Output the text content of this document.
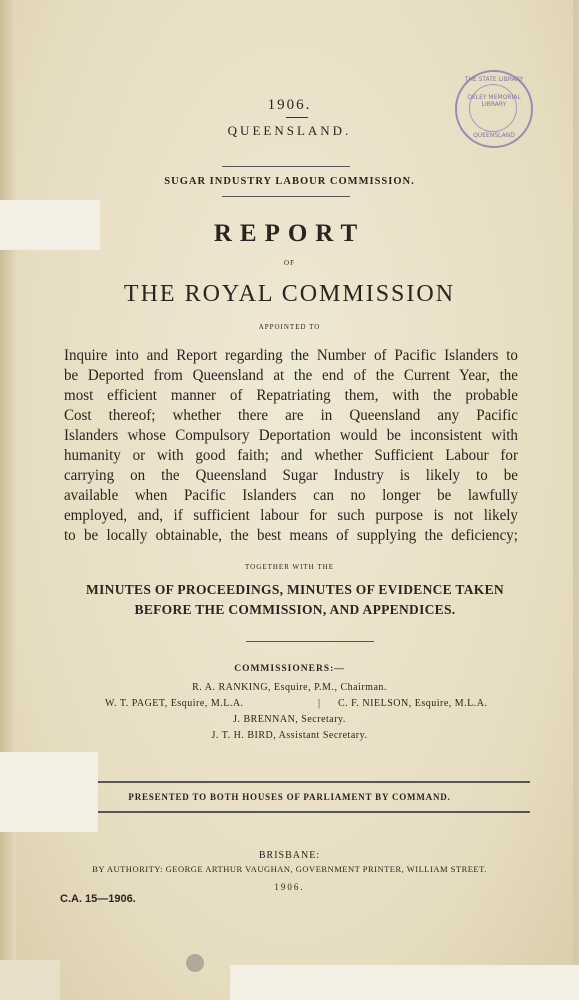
THE STATE LIBRARY
OXLEY MEMORIAL LIBRARY
QUEENSLAND
1906.
QUEENSLAND.
SUGAR INDUSTRY LABOUR COMMISSION.
REPORT
OF
THE ROYAL COMMISSION
APPOINTED TO
Inquire into and Report regarding the Number of Pacific Islanders to
be Deported from Queensland at the end of the Current Year, the
most efficient manner of Repatriating them, with the probable
Cost thereof; whether there are in Queensland any Pacific
Islanders whose Compulsory Deportation would be inconsistent with
humanity or with good faith; and whether Sufficient Labour for
carrying on the Queensland Sugar Industry is likely to be
available when Pacific Islanders can no longer be lawfully
employed, and, if sufficient labour for such purpose is not likely
to be locally obtainable, the best means of supplying the deficiency;
TOGETHER WITH THE
MINUTES OF PROCEEDINGS, MINUTES OF EVIDENCE TAKEN
BEFORE THE COMMISSION, AND APPENDICES.
COMMISSIONERS:—
R. A. RANKING, Esquire, P.M., Chairman.
W. T. PAGET, Esquire, M.L.A.	| C. F. NIELSON, Esquire, M.L.A.
J. BRENNAN, Secretary.
J. T. H. BIRD, Assistant Secretary.
PRESENTED TO BOTH HOUSES OF PARLIAMENT BY COMMAND.
BRISBANE:
BY AUTHORITY: GEORGE ARTHUR VAUGHAN, GOVERNMENT PRINTER, WILLIAM STREET.
1906.
C.A. 15—1906.
